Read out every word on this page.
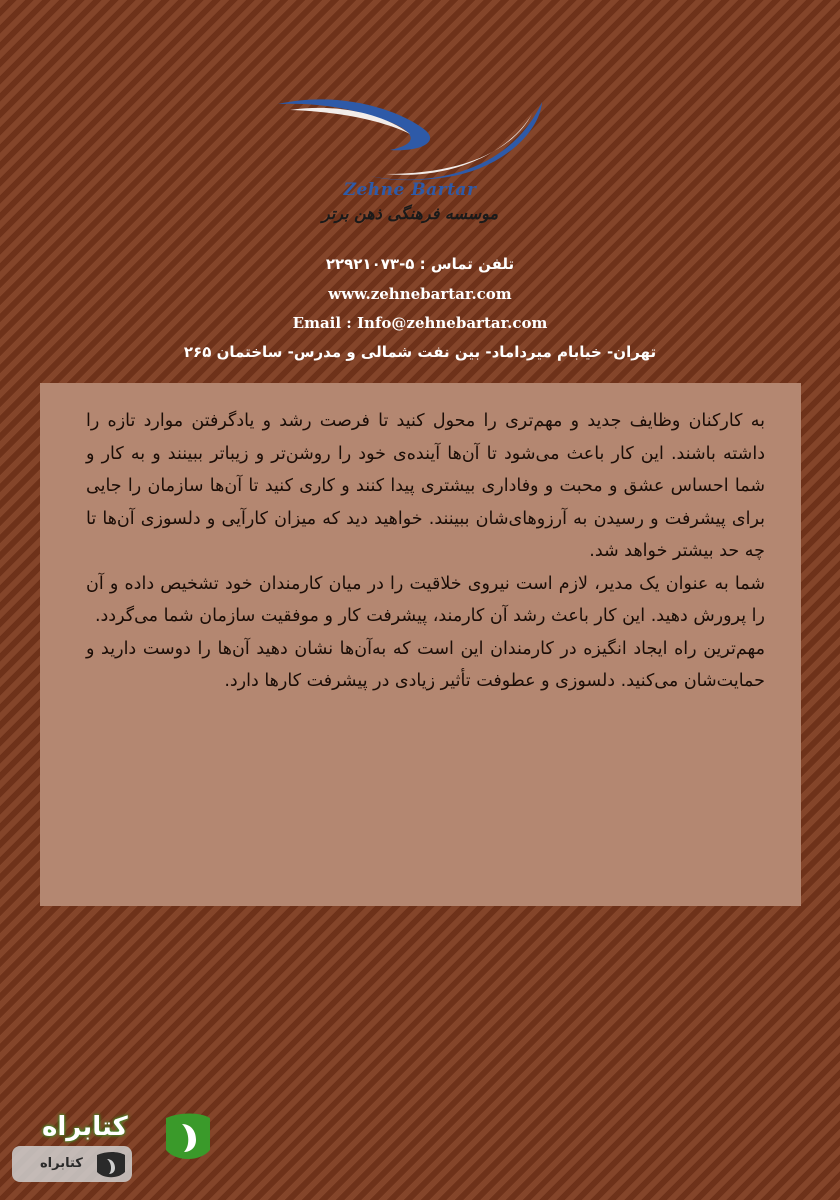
Zehne Bartar
موسسه فرهنگی ذهن برتر
تلفن تماس : ۵-۲۲۹۲۱۰۷۳
www.zehnebartar.com
Email : Info@zehnebartar.com
تهران- خیابام میرداماد- بین نفت شمالی و مدرس- ساختمان ۲۶۵

به کارکنان وظایف جدید و مهم‌تری را محول کنید تا فرصت رشد و یادگرفتن موارد تازه را داشته باشند. این کار باعث می‌شود تا آن‌ها آینده‌ی خود را روشن‌تر و زیباتر ببینند و به کار و شما احساس عشق و محبت و وفاداری بیشتری پیدا کنند و کاری کنید تا آن‌ها سازمان را جایی برای پیشرفت و رسیدن به آرزوهای‌شان ببینند. خواهید دید که میزان کارآیی و دلسوزی آن‌ها تا چه حد بیشتر خواهد شد.

شما به عنوان یک مدیر، لازم است نیروی خلاقیت را در میان کارمندان خود تشخیص داده و آن را پرورش دهید. این کار باعث رشد آن کارمند، پیشرفت کار و موفقیت سازمان شما می‌گردد.

مهم‌ترین راه ایجاد انگیزه در کارمندان این است که به‌آن‌ها نشان دهید آن‌ها را دوست دارید و حمایت‌شان می‌کنید. دلسوزی و عطوفت تأثیر زیادی در پیشرفت کارها دارد.

کتابراه
کتابراه
